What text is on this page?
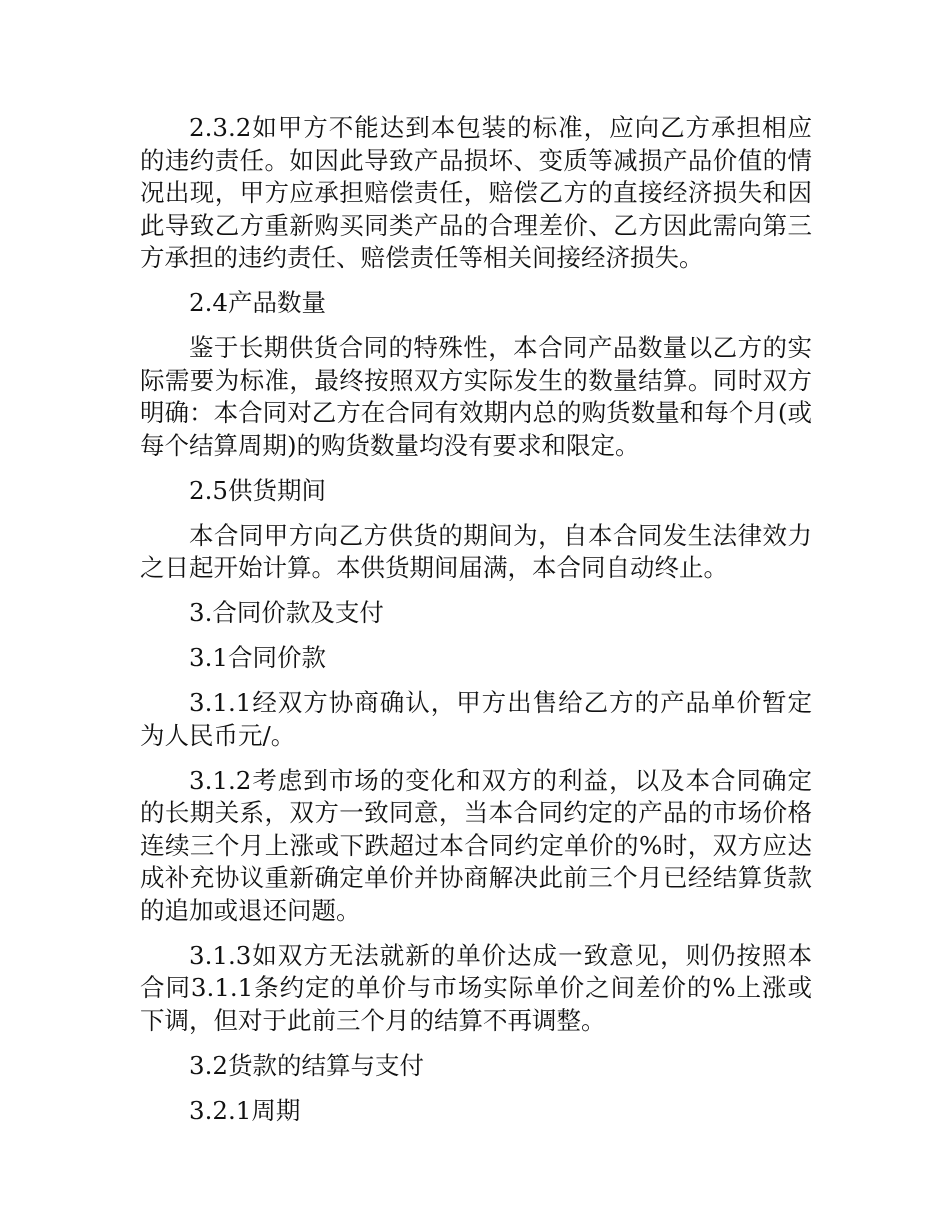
2.3.2如甲方不能达到本包装的标准，应向乙方承担相应的违约责任。如因此导致产品损坏、变质等减损产品价值的情况出现，甲方应承担赔偿责任，赔偿乙方的直接经济损失和因此导致乙方重新购买同类产品的合理差价、乙方因此需向第三方承担的违约责任、赔偿责任等相关间接经济损失。

2.4产品数量

鉴于长期供货合同的特殊性，本合同产品数量以乙方的实际需要为标准，最终按照双方实际发生的数量结算。同时双方明确：本合同对乙方在合同有效期内总的购货数量和每个月(或每个结算周期)的购货数量均没有要求和限定。

2.5供货期间

本合同甲方向乙方供货的期间为，自本合同发生法律效力之日起开始计算。本供货期间届满，本合同自动终止。

3.合同价款及支付

3.1合同价款

3.1.1经双方协商确认，甲方出售给乙方的产品单价暂定为人民币元/。

3.1.2考虑到市场的变化和双方的利益，以及本合同确定的长期关系，双方一致同意，当本合同约定的产品的市场价格连续三个月上涨或下跌超过本合同约定单价的%时，双方应达成补充协议重新确定单价并协商解决此前三个月已经结算货款的追加或退还问题。

3.1.3如双方无法就新的单价达成一致意见，则仍按照本合同3.1.1条约定的单价与市场实际单价之间差价的%上涨或下调，但对于此前三个月的结算不再调整。

3.2货款的结算与支付

3.2.1周期
